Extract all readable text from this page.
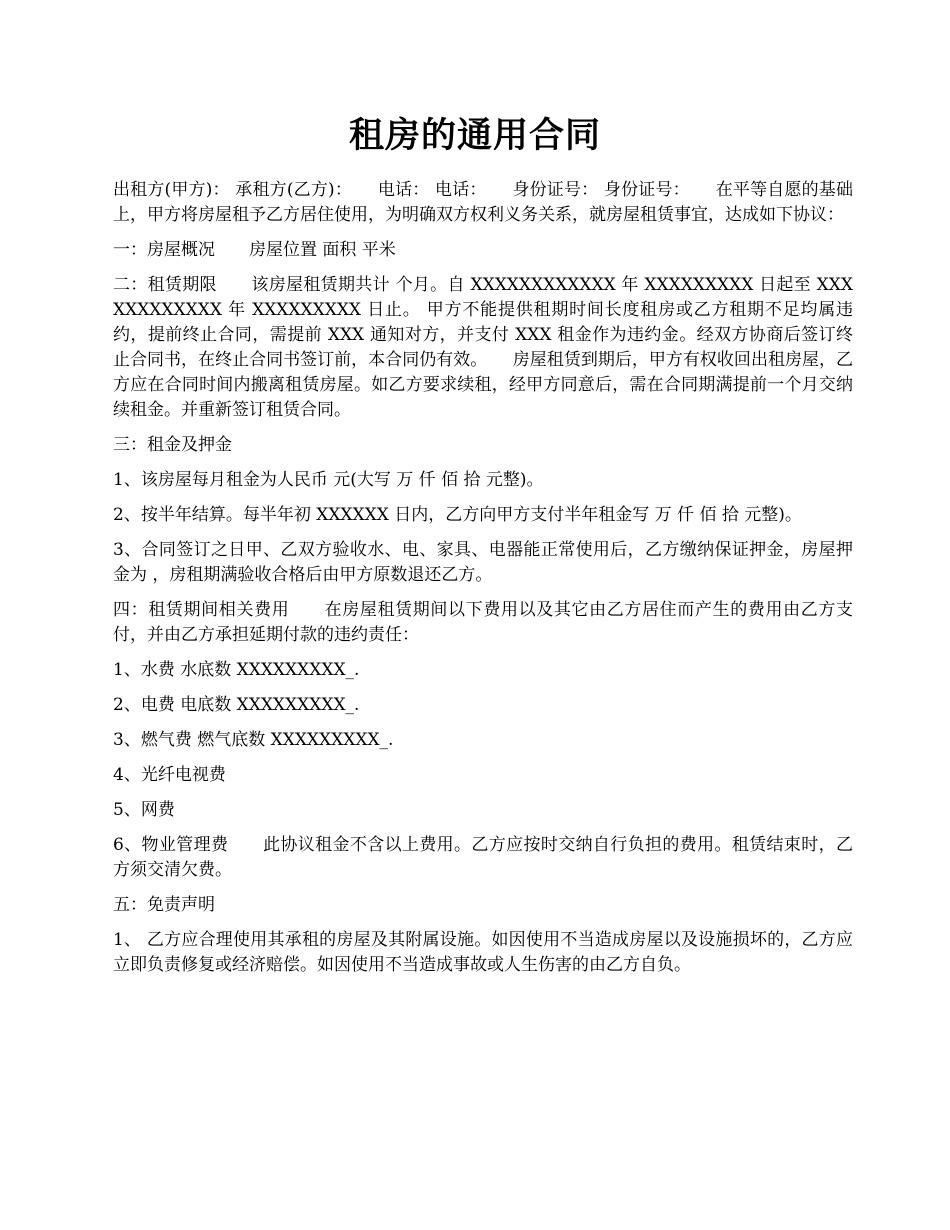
租房的通用合同

出租方(甲方)： 承租方(乙方)：　　电话： 电话：　　身份证号： 身份证号：　　在平等自愿的基础上，甲方将房屋租予乙方居住使用，为明确双方权利义务关系，就房屋租赁事宜，达成如下协议：

一：房屋概况　　房屋位置 面积 平米

二：租赁期限　　该房屋租赁期共计 个月。自 XXXXXXXXXXXX 年 XXXXXXXXX 日起至 XXXXXXXXXXXX 年 XXXXXXXXX 日止。 甲方不能提供租期时间长度租房或乙方租期不足均属违约，提前终止合同，需提前 XXX 通知对方，并支付 XXX 租金作为违约金。经双方协商后签订终止合同书，在终止合同书签订前，本合同仍有效。　　房屋租赁到期后，甲方有权收回出租房屋，乙方应在合同时间内搬离租赁房屋。如乙方要求续租，经甲方同意后，需在合同期满提前一个月交纳续租金。并重新签订租赁合同。

三：租金及押金

1、该房屋每月租金为人民币 元(大写 万 仟 佰 拾 元整)。

2、按半年结算。每半年初 XXXXXX 日内，乙方向甲方支付半年租金写 万 仟 佰 拾 元整)。

3、合同签订之日甲、乙双方验收水、电、家具、电器能正常使用后，乙方缴纳保证押金，房屋押金为 ，房租期满验收合格后由甲方原数退还乙方。

四：租赁期间相关费用　　在房屋租赁期间以下费用以及其它由乙方居住而产生的费用由乙方支付，并由乙方承担延期付款的违约责任：

1、水费 水底数 XXXXXXXXX_.

2、电费 电底数 XXXXXXXXX_.

3、燃气费 燃气底数 XXXXXXXXX_.

4、光纤电视费

5、网费

6、物业管理费　　此协议租金不含以上费用。乙方应按时交纳自行负担的费用。租赁结束时，乙方须交清欠费。

五：免责声明

1、 乙方应合理使用其承租的房屋及其附属设施。如因使用不当造成房屋以及设施损坏的，乙方应立即负责修复或经济赔偿。如因使用不当造成事故或人生伤害的由乙方自负。
